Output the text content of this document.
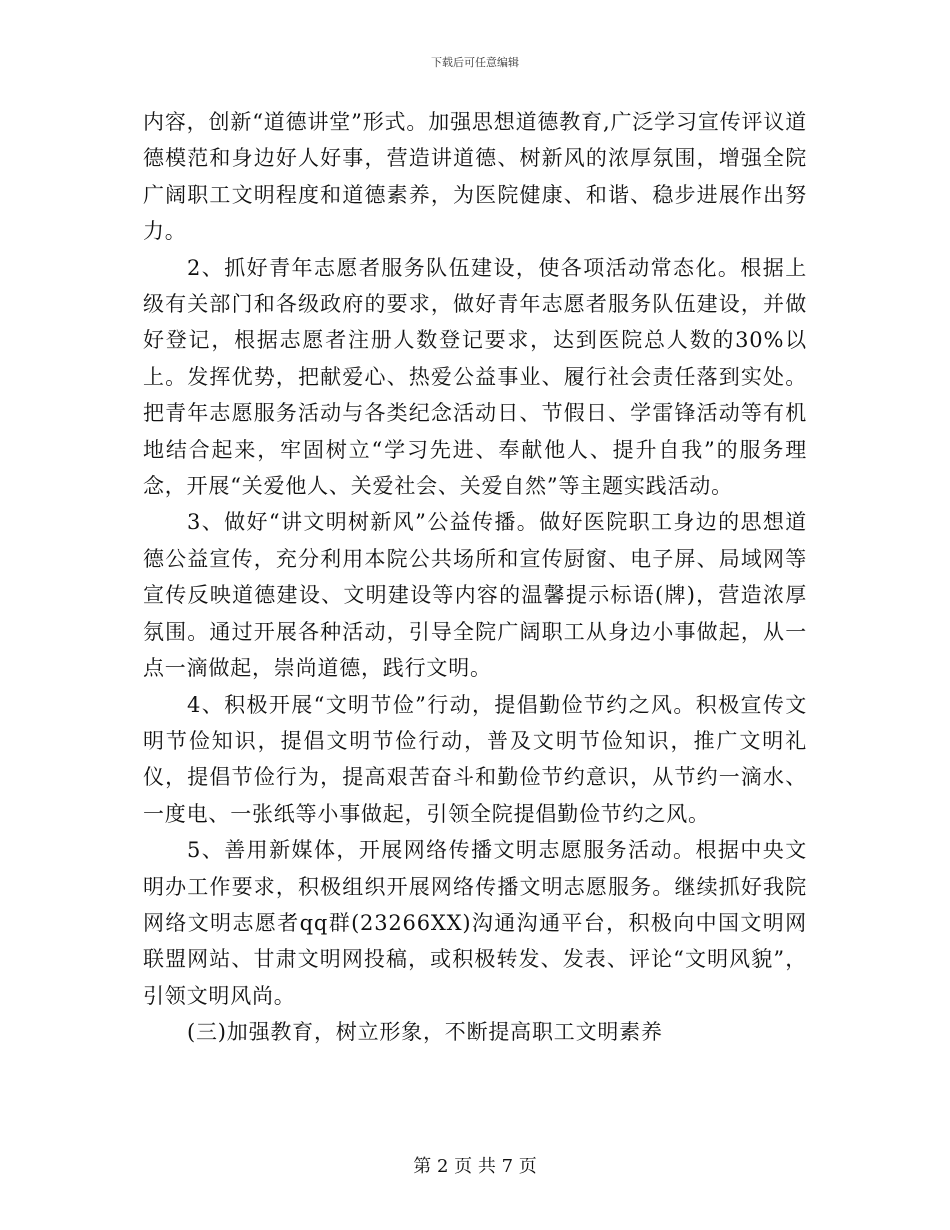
下载后可任意编辑

内容，创新“道德讲堂”形式。加强思想道德教育,广泛学习宣传评议道德模范和身边好人好事，营造讲道德、树新风的浓厚氛围，增强全院广阔职工文明程度和道德素养，为医院健康、和谐、稳步进展作出努力。

2、抓好青年志愿者服务队伍建设，使各项活动常态化。根据上级有关部门和各级政府的要求，做好青年志愿者服务队伍建设，并做好登记，根据志愿者注册人数登记要求，达到医院总人数的30%以上。发挥优势，把献爱心、热爱公益事业、履行社会责任落到实处。把青年志愿服务活动与各类纪念活动日、节假日、学雷锋活动等有机地结合起来，牢固树立“学习先进、奉献他人、提升自我”的服务理念，开展“关爱他人、关爱社会、关爱自然”等主题实践活动。

3、做好“讲文明树新风”公益传播。做好医院职工身边的思想道德公益宣传，充分利用本院公共场所和宣传厨窗、电子屏、局域网等宣传反映道德建设、文明建设等内容的温馨提示标语(牌)，营造浓厚氛围。通过开展各种活动，引导全院广阔职工从身边小事做起，从一点一滴做起，崇尚道德，践行文明。

4、积极开展“文明节俭”行动，提倡勤俭节约之风。积极宣传文明节俭知识，提倡文明节俭行动，普及文明节俭知识，推广文明礼仪，提倡节俭行为，提高艰苦奋斗和勤俭节约意识，从节约一滴水、一度电、一张纸等小事做起，引领全院提倡勤俭节约之风。

5、善用新媒体，开展网络传播文明志愿服务活动。根据中央文明办工作要求，积极组织开展网络传播文明志愿服务。继续抓好我院网络文明志愿者qq群(23266XX)沟通沟通平台，积极向中国文明网联盟网站、甘肃文明网投稿，或积极转发、发表、评论“文明风貌”，引领文明风尚。

(三)加强教育，树立形象，不断提高职工文明素养

第 2 页 共 7 页
